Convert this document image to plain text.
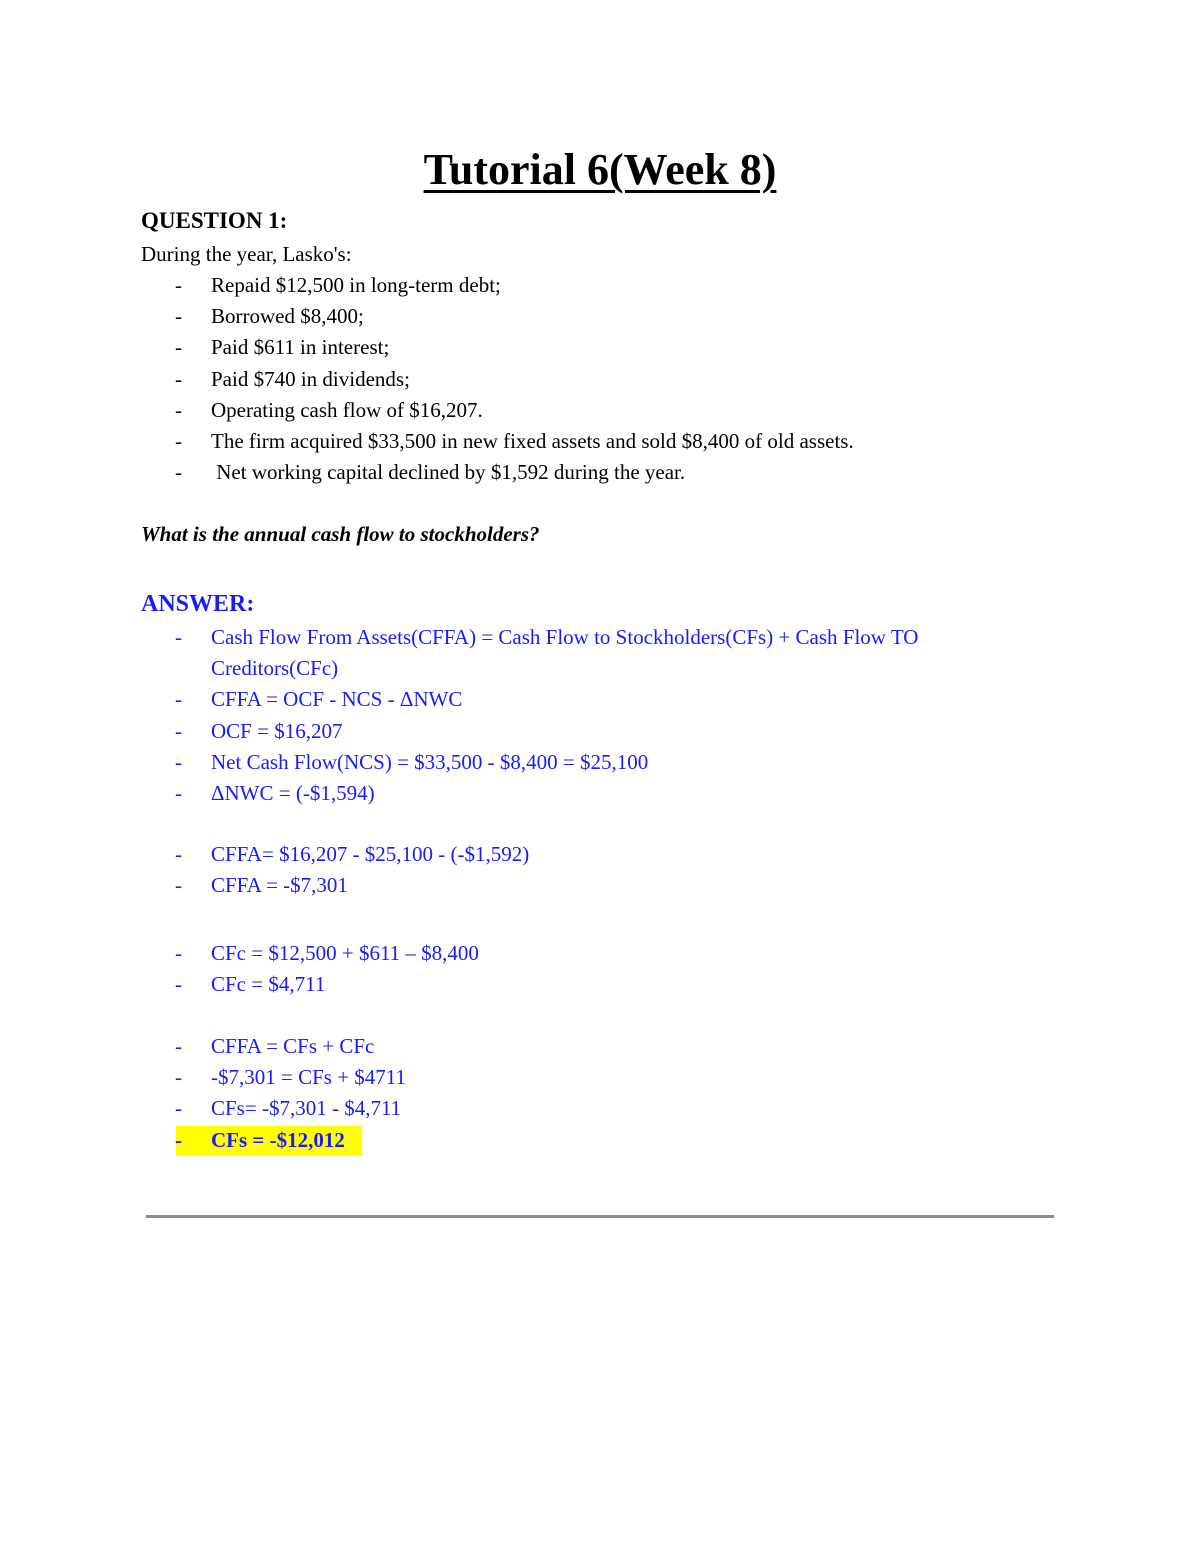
Tutorial 6(Week 8)
QUESTION 1:
During the year, Lasko's:
- Repaid $12,500 in long-term debt;
- Borrowed $8,400;
- Paid $611 in interest;
- Paid $740 in dividends;
- Operating cash flow of $16,207.
- The firm acquired $33,500 in new fixed assets and sold $8,400 of old assets.
- Net working capital declined by $1,592 during the year.
What is the annual cash flow to stockholders?
ANSWER:
- Cash Flow From Assets(CFFA) = Cash Flow to Stockholders(CFs) + Cash Flow TO Creditors(CFc)
- CFFA = OCF - NCS - ΔNWC
- OCF = $16,207
- Net Cash Flow(NCS) = $33,500 - $8,400 = $25,100
- ΔNWC = (-$1,594)
- CFFA= $16,207 - $25,100 - (-$1,592)
- CFFA = -$7,301
- CFc = $12,500 + $611 – $8,400
- CFc = $4,711
- CFFA = CFs + CFc
- -$7,301 = CFs + $4711
- CFs= -$7,301 - $4,711
- CFs = -$12,012
